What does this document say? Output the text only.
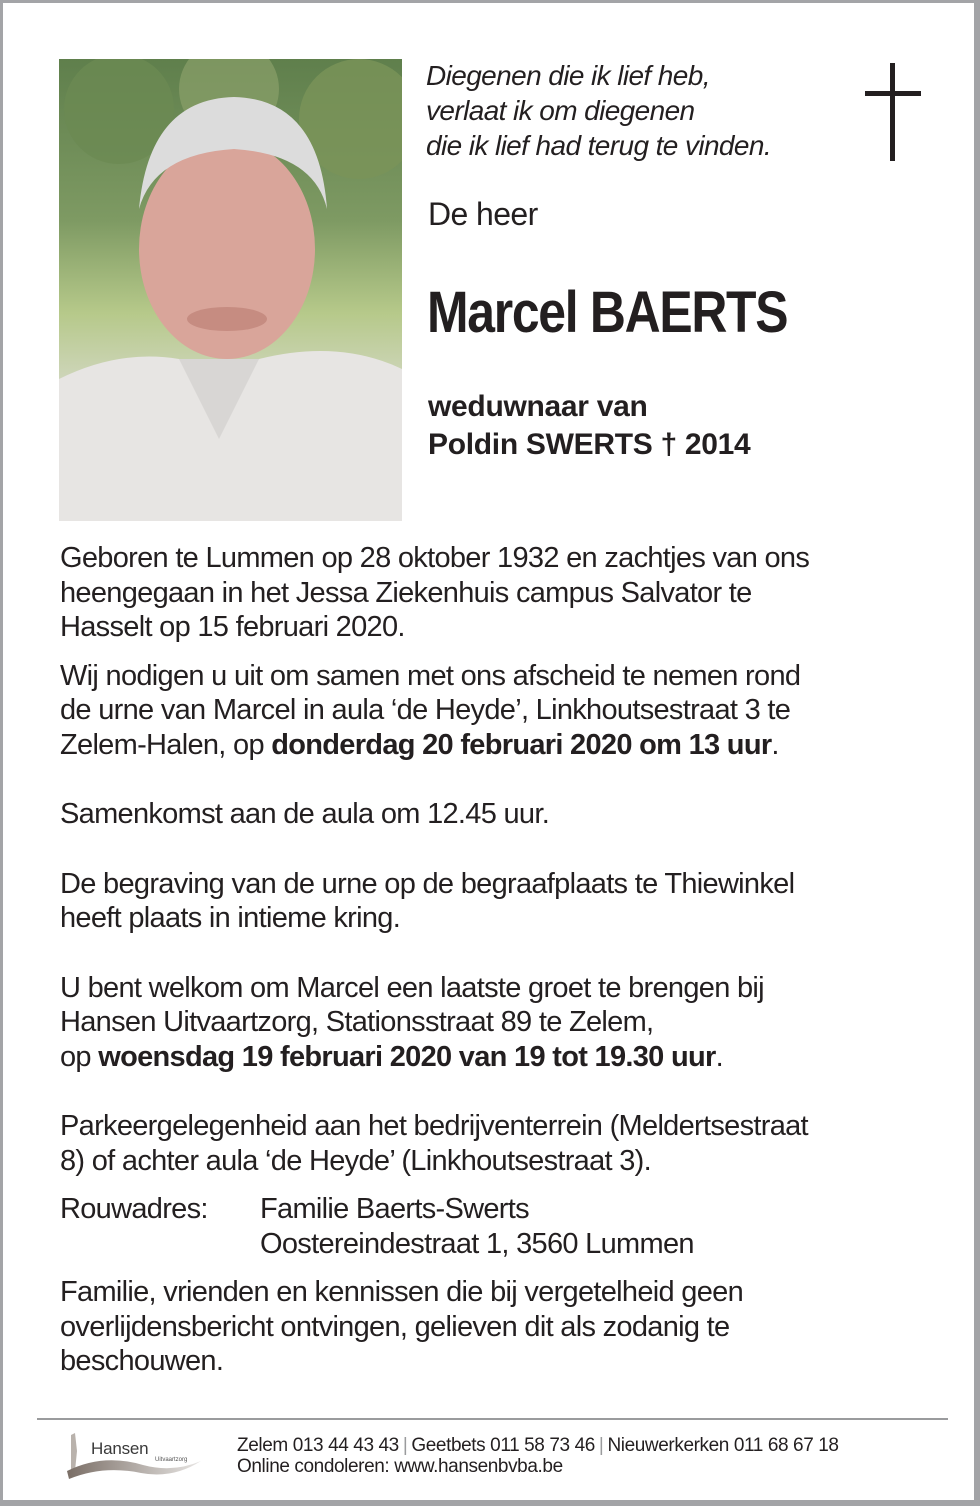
Diegenen die ik lief heb,
verlaat ik om diegenen
die ik lief had terug te vinden.
De heer
Marcel BAERTS
weduwnaar van
Poldin SWERTS † 2014

Geboren te Lummen op 28 oktober 1932 en zachtjes van ons

heengegaan in het Jessa Ziekenhuis campus Salvator te

Hasselt op 15 februari 2020.

Wij nodigen u uit om samen met ons afscheid te nemen rond

de urne van Marcel in aula ‘de Heyde’, Linkhoutsestraat 3 te

Zelem-Halen, op donderdag 20 februari 2020 om 13 uur.

Samenkomst aan de aula om 12.45 uur.

De begraving van de urne op de begraafplaats te Thiewinkel

heeft plaats in intieme kring.

U bent welkom om Marcel een laatste groet te brengen bij

Hansen Uitvaartzorg, Stationsstraat 89 te Zelem,

op woensdag 19 februari 2020 van 19 tot 19.30 uur.

Parkeergelegenheid aan het bedrijventerrein (Meldertsestraat

8) of achter aula ‘de Heyde’ (Linkhoutsestraat 3).

Rouwadres:	Familie Baerts-Swerts

Oostereindestraat 1, 3560 Lummen

Familie, vrienden en kennissen die bij vergetelheid geen

overlijdensbericht ontvingen, gelieven dit als zodanig te

beschouwen.

Hansen
Uitvaartzorg
Zelem 013 44 43 43 | Geetbets 011 58 73 46 | Nieuwerkerken 011 68 67 18
Online condoleren: www.hansenbvba.be
